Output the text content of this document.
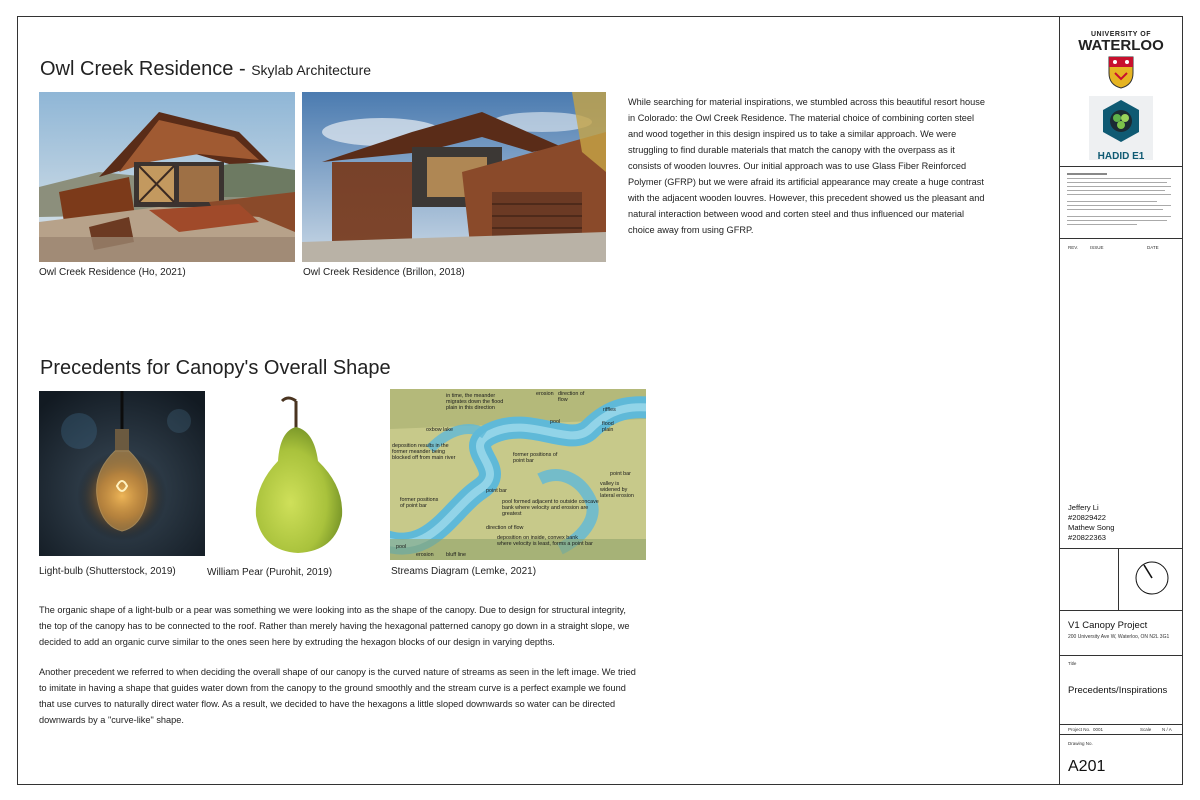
Owl Creek Residence - Skylab Architecture
Owl Creek Residence (Ho, 2021)	Owl Creek Residence (Brillon, 2018)
While searching for material inspirations, we stumbled across this beautiful resort house in Colorado: the Owl Creek Residence. The material choice of combining corten steel and wood together in this design inspired us to take a similar approach. We were struggling to find durable materials that match the canopy with the overpass as it consists of wooden louvres. Our initial approach was to use Glass Fiber Reinforced Polymer (GFRP) but we were afraid its artificial appearance may create a huge contrast with the adjacent wooden louvres. However, this precedent showed us the pleasant and natural interaction between wood and corten steel and thus influenced our material choice away from using GFRP.
Precedents for Canopy's Overall Shape
Light-bulb (Shutterstock, 2019)	William Pear (Purohit, 2019)
in time, the meander migrates down the flood plain in this direction
erosion direction of flow
riffles
oxbow lake
pool	flood plain
deposition results in the former meander being blocked off from main river	former positions of point bar
point bar
valley is widened by lateral erosion
point bar
former positions of point bar
pool formed adjacent to outside concave bank where velocity and erosion are greatest
direction of flow
deposition on inside, convex bank where velocity is least, forms a point bar
pool
erosion bluff line
Streams Diagram (Lemke, 2021)
The organic shape of a light-bulb or a pear was something we were looking into as the shape of the canopy. Due to design for structural integrity, the top of the canopy has to be connected to the roof. Rather than merely having the hexagonal patterned canopy go down in a straight slope, we decided to add an organic curve similar to the ones seen here by extruding the hexagon blocks of our design in varying depths.
Another precedent we referred to when deciding the overall shape of our canopy is the curved nature of streams as seen in the left image. We tried to imitate in having a shape that guides water down from the canopy to the ground smoothly and the stream curve is a perfect example we found that use curves to naturally direct water flow. As a result, we decided to have the hexagons a little sloped downwards so water can be directed downwards by a "curve-like" shape.
UNIVERSITY OF
WATERLOO
HADID E1
REV.	ISSUE	DATE
Jeffery Li
#20829422
Mathew Song
#20822363
V1 Canopy Project
200 University Ave W, Waterloo, ON N2L 3G1
Title
Precedents/Inspirations
Project No. 0001	Scale N / A
Drawing No.
A201
